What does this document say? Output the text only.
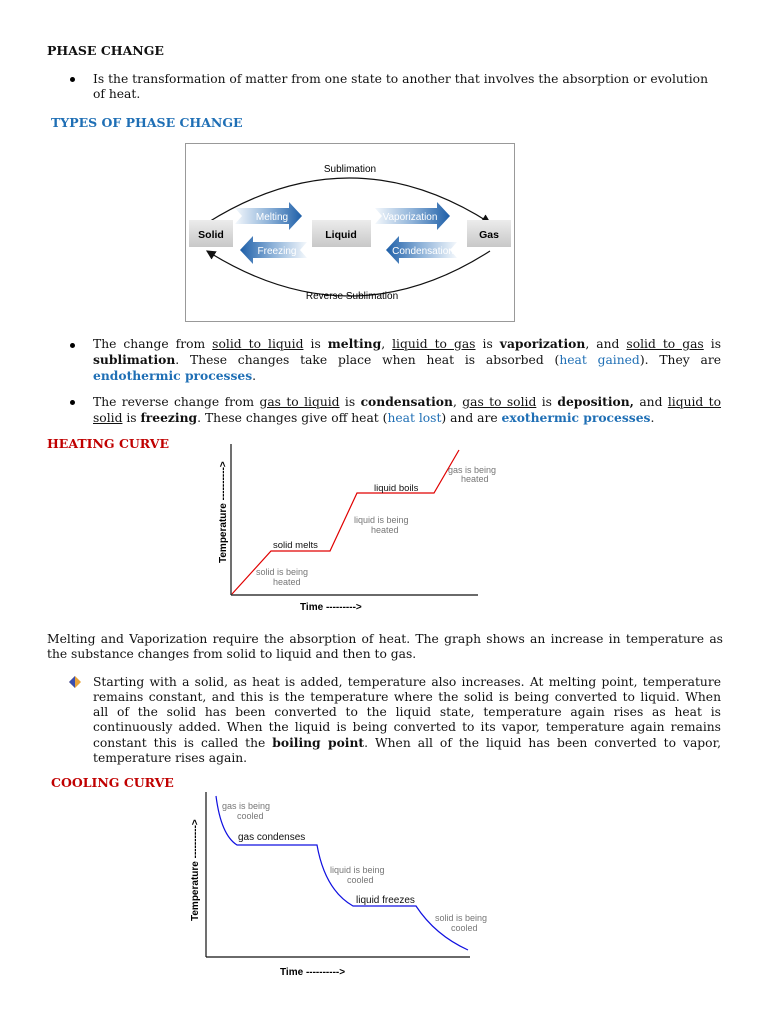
PHASE CHANGE

Is the transformation of matter from one state to another that involves the absorption or evolution

of heat.

TYPES OF PHASE CHANGE
Sublimation
Reverse Sublimation
Solid	Liquid	Gas
Melting
Freezing
Vaporization
Condensation

The change from solid to liquid is melting, liquid to gas is vaporization, and solid to gas is

sublimation. These changes take place when heat is absorbed (heat gained). They are

endothermic processes.

The reverse change from gas to liquid is condensation, gas to solid is deposition, and liquid to

solid is freezing. These changes give off heat (heat lost) and are exothermic processes.

HEATING CURVE
Temperature ---------->
Time --------->
solid is being
heated
solid melts
liquid is being
heated
liquid boils
gas is being
heated

Melting and Vaporization require the absorption of heat. The graph shows an increase in temperature as

the substance changes from solid to liquid and then to gas.

Starting with a solid, as heat is added, temperature also increases. At melting point, temperature

remains constant, and this is the temperature where the solid is being converted to liquid. When

all of the solid has been converted to the liquid state, temperature again rises as heat is

continuously added. When the liquid is being converted to its vapor, temperature again remains

constant this is called the boiling point. When all of the liquid has been converted to vapor,

temperature rises again.

COOLING CURVE
Temperature ---------->
Time ---------->
gas is being
cooled
gas condenses
liquid is being
cooled
liquid freezes
solid is being
cooled
